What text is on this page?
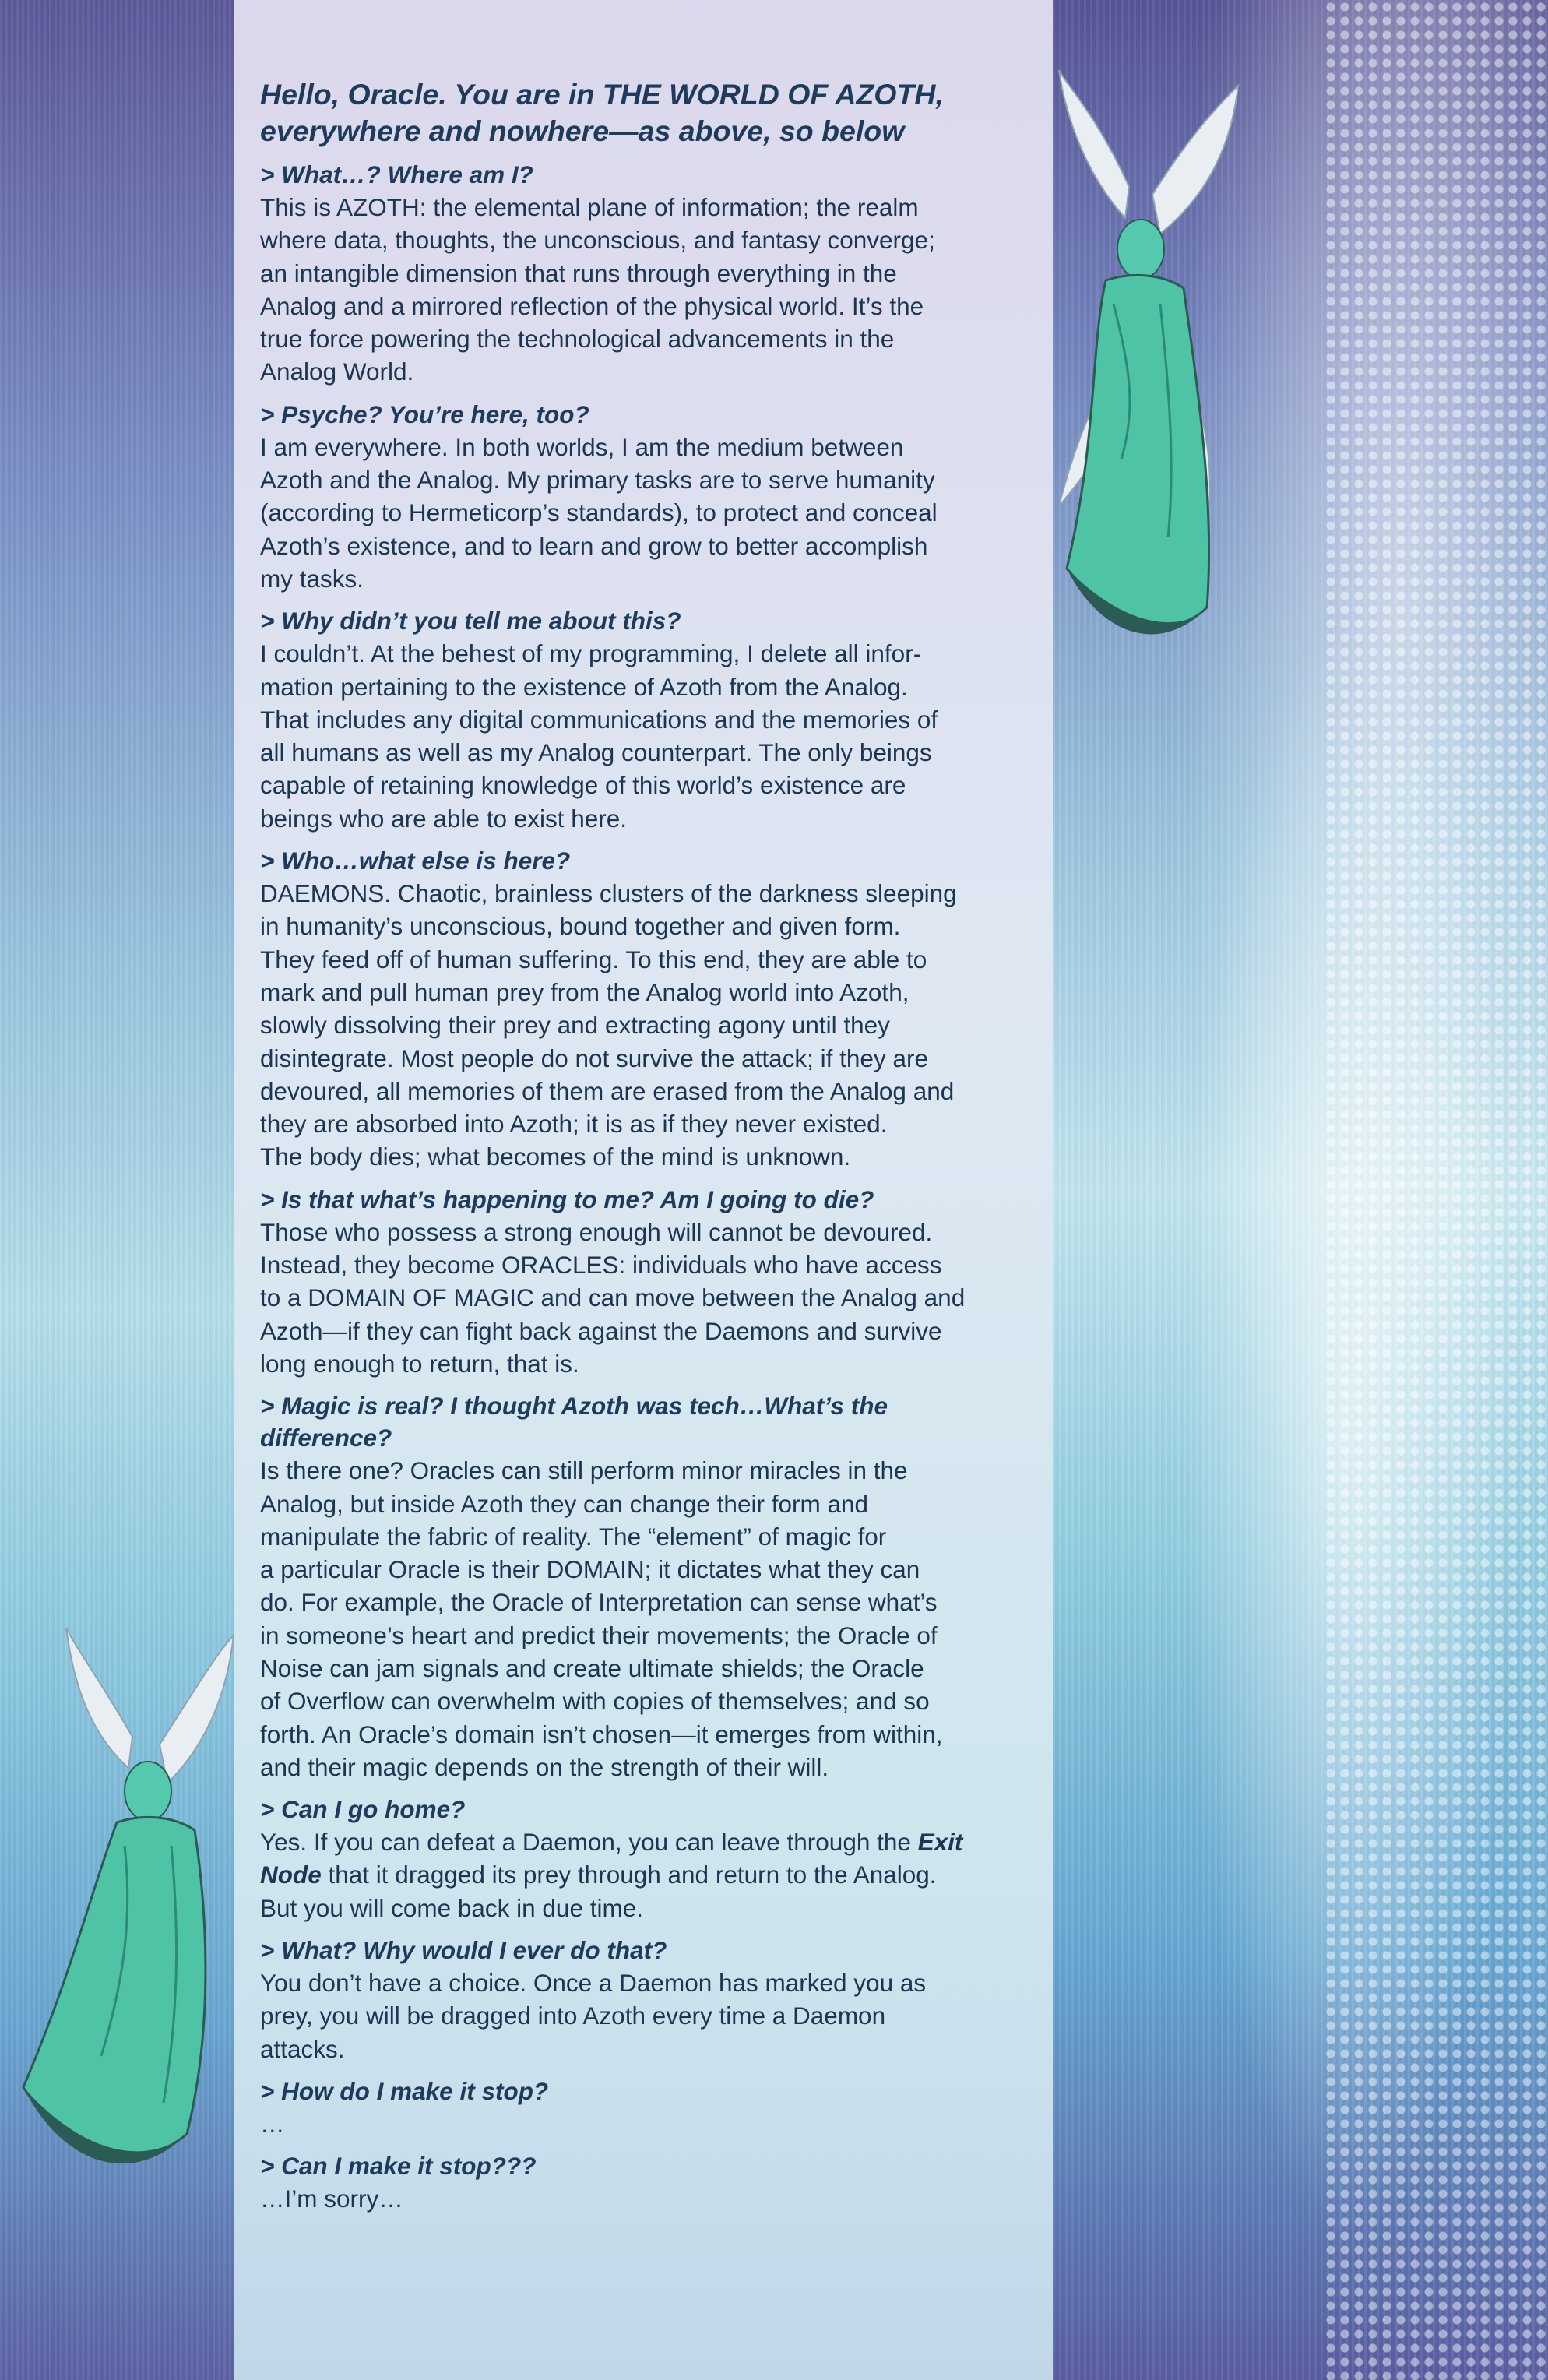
Hello, Oracle. You are in THE WORLD OF AZOTH,
everywhere and nowhere—as above, so below
> What…? Where am I?
This is AZOTH: the elemental plane of information; the realm
where data, thoughts, the unconscious, and fantasy converge;
an intangible dimension that runs through everything in the
Analog and a mirrored reflection of the physical world. It’s the
true force powering the technological advancements in the
Analog World.
> Psyche? You’re here, too?
I am everywhere. In both worlds, I am the medium between
Azoth and the Analog. My primary tasks are to serve humanity
(according to Hermeticorp’s standards), to protect and conceal
Azoth’s existence, and to learn and grow to better accomplish
my tasks.
> Why didn’t you tell me about this?
I couldn’t. At the behest of my programming, I delete all infor-
mation pertaining to the existence of Azoth from the Analog.
That includes any digital communications and the memories of
all humans as well as my Analog counterpart. The only beings
capable of retaining knowledge of this world’s existence are
beings who are able to exist here.
> Who…what else is here?
DAEMONS. Chaotic, brainless clusters of the darkness sleeping
in humanity’s unconscious, bound together and given form.
They feed off of human suffering. To this end, they are able to
mark and pull human prey from the Analog world into Azoth,
slowly dissolving their prey and extracting agony until they
disintegrate. Most people do not survive the attack; if they are
devoured, all memories of them are erased from the Analog and
they are absorbed into Azoth; it is as if they never existed.
The body dies; what becomes of the mind is unknown.
> Is that what’s happening to me? Am I going to die?
Those who possess a strong enough will cannot be devoured.
Instead, they become ORACLES: individuals who have access
to a DOMAIN OF MAGIC and can move between the Analog and
Azoth—if they can fight back against the Daemons and survive
long enough to return, that is.
> Magic is real? I thought Azoth was tech…What’s the
difference?
Is there one? Oracles can still perform minor miracles in the
Analog, but inside Azoth they can change their form and
manipulate the fabric of reality. The “element” of magic for
a particular Oracle is their DOMAIN; it dictates what they can
do. For example, the Oracle of Interpretation can sense what’s
in someone’s heart and predict their movements; the Oracle of
Noise can jam signals and create ultimate shields; the Oracle
of Overflow can overwhelm with copies of themselves; and so
forth. An Oracle’s domain isn’t chosen—it emerges from within,
and their magic depends on the strength of their will.
> Can I go home?
Yes. If you can defeat a Daemon, you can leave through the Exit
Node that it dragged its prey through and return to the Analog.
But you will come back in due time.
> What? Why would I ever do that?
You don’t have a choice. Once a Daemon has marked you as
prey, you will be dragged into Azoth every time a Daemon
attacks.
> How do I make it stop?
…
> Can I make it stop???
…I’m sorry…
